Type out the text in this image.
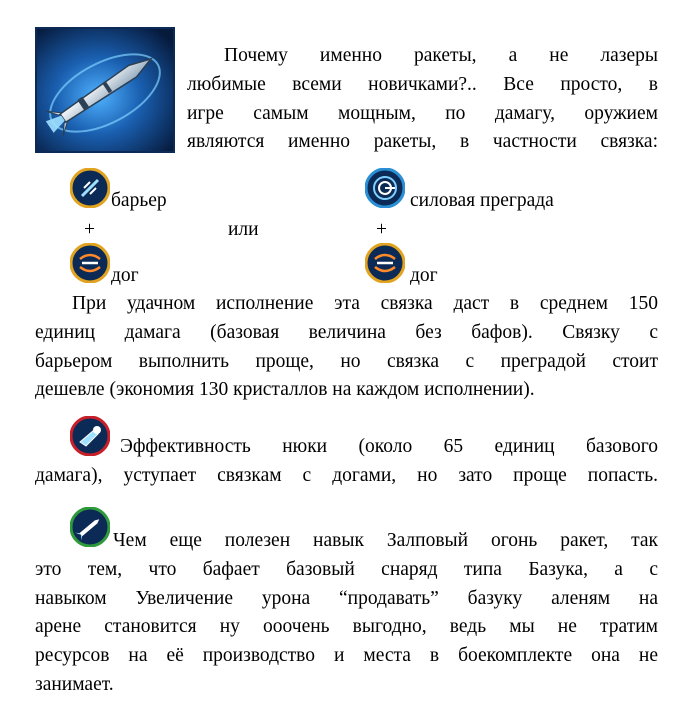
Почему именно ракеты, а не лазеры
любимые всеми новичками?.. Все просто, в
игре самым мощным, по дамагу, оружием
являются именно ракеты, в частности связка:
барьер	силовая преграда
+	или	+
дог	дог
При удачном исполнение эта связка даст в среднем 150
единиц дамага (базовая величина без бафов). Связку с
барьером выполнить проще, но связка с преградой стоит
дешевле (экономия 130 кристаллов на каждом исполнении).
Эффективность нюки (около 65 единиц базового
дамага), уступает связкам с догами, но зато проще попасть.
Чем еще полезен навык Залповый огонь ракет, так
это тем, что бафает базовый снаряд типа Базука, а с
навыком Увеличение урона “продавать” базуку аленям на
арене становится ну ооочень выгодно, ведь мы не тратим
ресурсов на её производство и места в боекомплекте она не
занимает.
